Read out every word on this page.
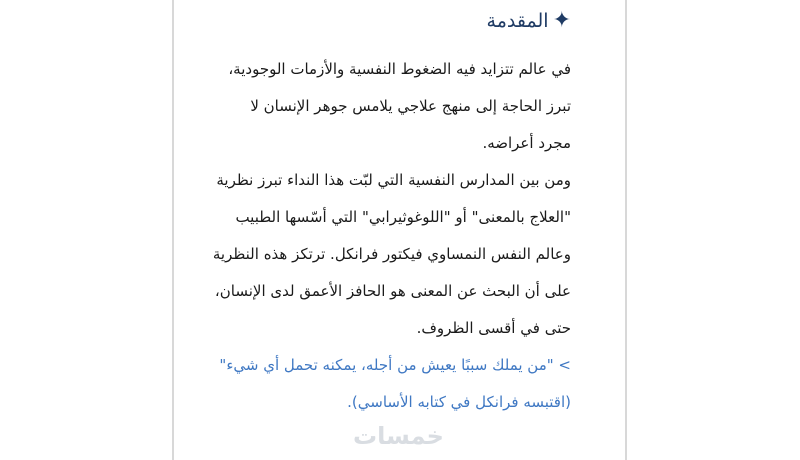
✦
المقدمة
في عالم تتزايد فيه الضغوط النفسية والأزمات الوجودية،
تبرز الحاجة إلى منهج علاجي يلامس جوهر الإنسان لا
مجرد أعراضه.
ومن بين المدارس النفسية التي لبّت هذا النداء تبرز نظرية
"العلاج بالمعنى" أو "اللوغوثيرابي" التي أسّسها الطبيب
وعالم النفس النمساوي فيكتور فرانكل. ترتكز هذه النظرية
على أن البحث عن المعنى هو الحافز الأعمق لدى الإنسان،
حتى في أقسى الظروف.
> "من يملك سببًا يعيش من أجله، يمكنه تحمل أي شيء"
(اقتبسه فرانكل في كتابه الأساسي).
خمسات
